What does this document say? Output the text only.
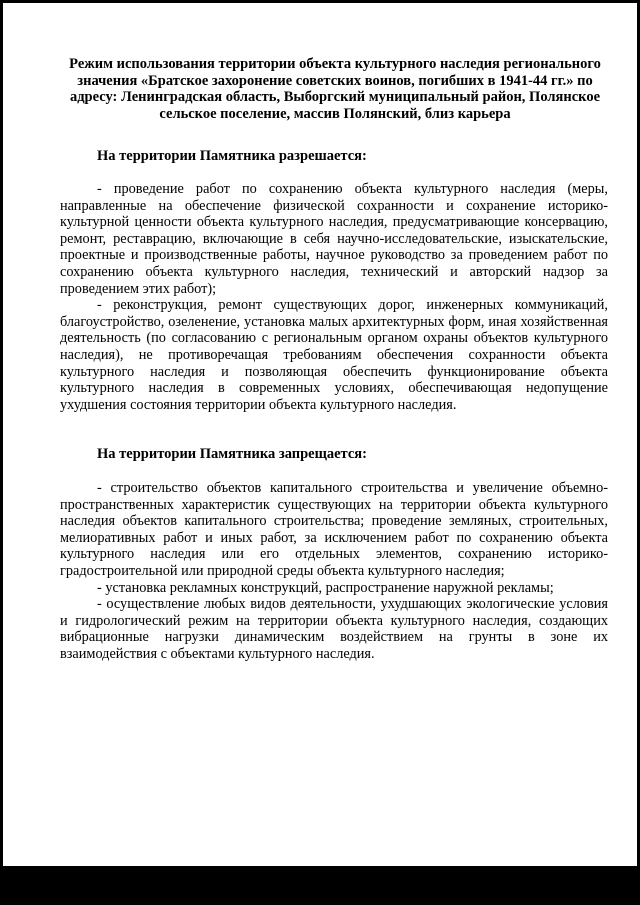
Режим использования территории объекта культурного наследия регионального значения «Братское захоронение советских воинов, погибших в 1941-44 гг.» по адресу: Ленинградская область, Выборгский муниципальный район, Полянское сельское поселение, массив Полянский, близ карьера
На территории Памятника разрешается:

- проведение работ по сохранению объекта культурного наследия (меры, направленные на обеспечение физической сохранности и сохранение историко-культурной ценности объекта культурного наследия, предусматривающие консервацию, ремонт, реставрацию, включающие в себя научно-исследовательские, изыскательские, проектные и производственные работы, научное руководство за проведением работ по сохранению объекта культурного наследия, технический и авторский надзор за проведением этих работ);

- реконструкция, ремонт существующих дорог, инженерных коммуникаций, благоустройство, озеленение, установка малых архитектурных форм, иная хозяйственная деятельность (по согласованию с региональным органом охраны объектов культурного наследия), не противоречащая требованиям обеспечения сохранности объекта культурного наследия и позволяющая обеспечить функционирование объекта культурного наследия в современных условиях, обеспечивающая недопущение ухудшения состояния территории объекта культурного наследия.

На территории Памятника запрещается:

- строительство объектов капитального строительства и увеличение объемно-пространственных характеристик существующих на территории объекта культурного наследия объектов капитального строительства; проведение земляных, строительных, мелиоративных работ и иных работ, за исключением работ по сохранению объекта культурного наследия или его отдельных элементов, сохранению историко-градостроительной или природной среды объекта культурного наследия;

- установка рекламных конструкций, распространение наружной рекламы;

- осуществление любых видов деятельности, ухудшающих экологические условия и гидрологический режим на территории объекта культурного наследия, создающих вибрационные нагрузки динамическим воздействием на грунты в зоне их взаимодействия с объектами культурного наследия.
